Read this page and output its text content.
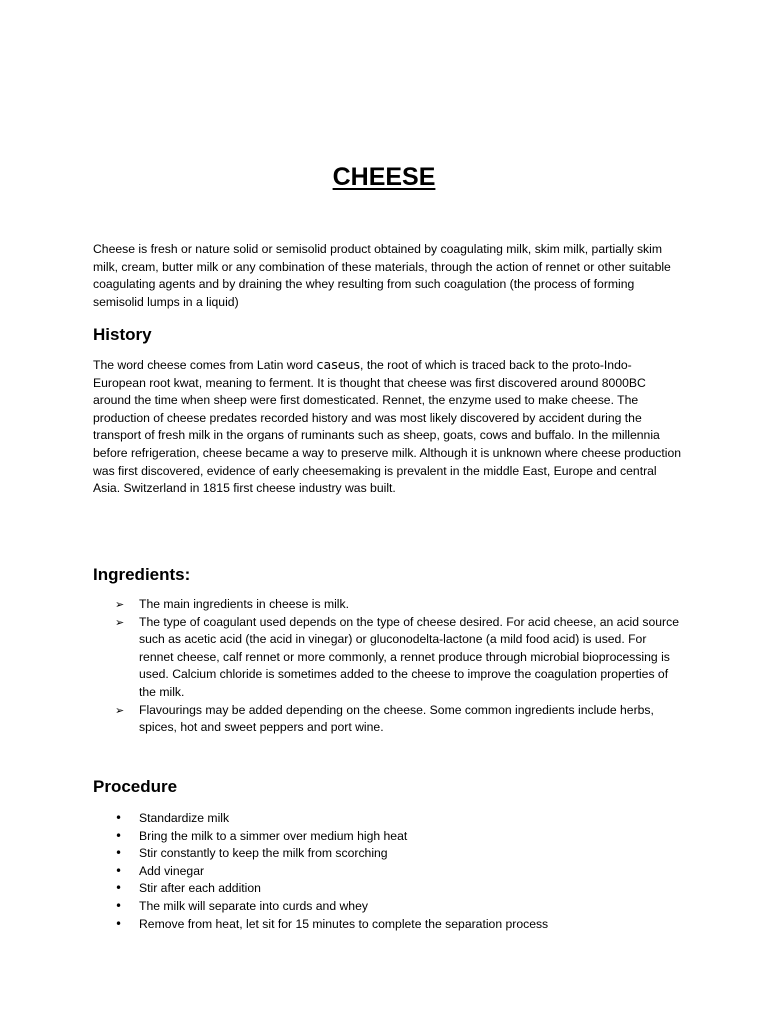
CHEESE

Cheese is fresh or nature solid or semisolid product obtained by coagulating milk, skim milk, partially skim milk, cream, butter milk or any combination of these materials, through the action of rennet or other suitable coagulating agents and by draining the whey resulting from such coagulation (the process of forming semisolid lumps in a liquid)

History

The word cheese comes from Latin word caseus, the root of which is traced back to the proto-Indo-European root kwat, meaning to ferment. It is thought that cheese was first discovered around 8000BC around the time when sheep were first domesticated. Rennet, the enzyme used to make cheese. The production of cheese predates recorded history and was most likely discovered by accident during the transport of fresh milk in the organs of ruminants such as sheep, goats, cows and buffalo. In the millennia before refrigeration, cheese became a way to preserve milk. Although it is unknown where cheese production was first discovered, evidence of early cheesemaking is prevalent in the middle East, Europe and central Asia. Switzerland in 1815 first cheese industry was built.

Ingredients:
➢	The main ingredients in cheese is milk.
➢	The type of coagulant used depends on the type of cheese desired. For acid cheese, an acid source such as acetic acid (the acid in vinegar) or gluconodelta-lactone (a mild food acid) is used. For rennet cheese, calf rennet or more commonly, a rennet produce through microbial bioprocessing is used. Calcium chloride is sometimes added to the cheese to improve the coagulation properties of the milk.
➢	Flavourings may be added depending on the cheese. Some common ingredients include herbs, spices, hot and sweet peppers and port wine.
Procedure
•	Standardize milk
•	Bring the milk to a simmer over medium high heat
•	Stir constantly to keep the milk from scorching
•	Add vinegar
•	Stir after each addition
•	The milk will separate into curds and whey
•	Remove from heat, let sit for 15 minutes to complete the separation process
